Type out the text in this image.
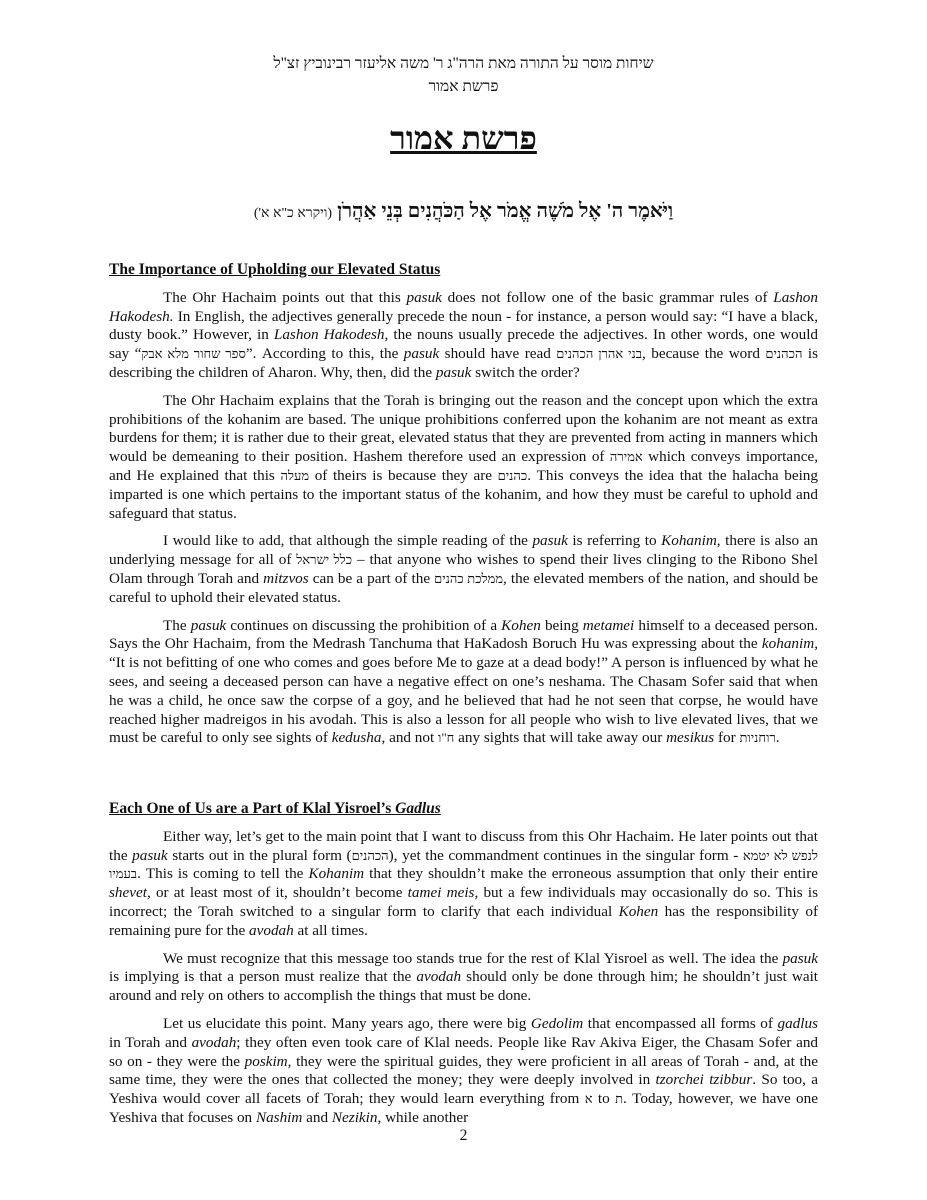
שיחות מוסר על התורה מאת הרה"ג ר' משה אליעזר רבינוביץ זצ"ל
פרשת אמור
פרשת אמור
וַיֹּאמֶר ה' אֶל מֹשֶׁה אֱמֹר אֶל הַכֹּהֲנִים בְּנֵי אַהֲרֹן (ויקרא כ"א א')
The Importance of Upholding our Elevated Status

The Ohr Hachaim points out that this pasuk does not follow one of the basic grammar rules of Lashon Hakodesh. In English, the adjectives generally precede the noun - for instance, a person would say: “I have a black, dusty book.” However, in Lashon Hakodesh, the nouns usually precede the adjectives. In other words, one would say “ספר שחור מלא אבק”. According to this, the pasuk should have read בני אהרן הכהנים, because the word הכהנים is describing the children of Aharon. Why, then, did the pasuk switch the order?

The Ohr Hachaim explains that the Torah is bringing out the reason and the concept upon which the extra prohibitions of the kohanim are based. The unique prohibitions conferred upon the kohanim are not meant as extra burdens for them; it is rather due to their great, elevated status that they are prevented from acting in manners which would be demeaning to their position. Hashem therefore used an expression of אמירה which conveys importance, and He explained that this מעלה of theirs is because they are כהנים. This conveys the idea that the halacha being imparted is one which pertains to the important status of the kohanim, and how they must be careful to uphold and safeguard that status.

I would like to add, that although the simple reading of the pasuk is referring to Kohanim, there is also an underlying message for all of כלל ישראל – that anyone who wishes to spend their lives clinging to the Ribono Shel Olam through Torah and mitzvos can be a part of the ממלכת כהנים, the elevated members of the nation, and should be careful to uphold their elevated status.

The pasuk continues on discussing the prohibition of a Kohen being metamei himself to a deceased person. Says the Ohr Hachaim, from the Medrash Tanchuma that HaKadosh Boruch Hu was expressing about the kohanim, “It is not befitting of one who comes and goes before Me to gaze at a dead body!” A person is influenced by what he sees, and seeing a deceased person can have a negative effect on one’s neshama. The Chasam Sofer said that when he was a child, he once saw the corpse of a goy, and he believed that had he not seen that corpse, he would have reached higher madreigos in his avodah. This is also a lesson for all people who wish to live elevated lives, that we must be careful to only see sights of kedusha, and not ח"ו any sights that will take away our mesikus for רוחניות.

Each One of Us are a Part of Klal Yisroel’s Gadlus

Either way, let’s get to the main point that I want to discuss from this Ohr Hachaim. He later points out that the pasuk starts out in the plural form (הכהנים), yet the commandment continues in the singular form - לנפש לא יטמא בעמיו. This is coming to tell the Kohanim that they shouldn’t make the erroneous assumption that only their entire shevet, or at least most of it, shouldn’t become tamei meis, but a few individuals may occasionally do so. This is incorrect; the Torah switched to a singular form to clarify that each individual Kohen has the responsibility of remaining pure for the avodah at all times.

We must recognize that this message too stands true for the rest of Klal Yisroel as well. The idea the pasuk is implying is that a person must realize that the avodah should only be done through him; he shouldn’t just wait around and rely on others to accomplish the things that must be done.

Let us elucidate this point. Many years ago, there were big Gedolim that encompassed all forms of gadlus in Torah and avodah; they often even took care of Klal needs. People like Rav Akiva Eiger, the Chasam Sofer and so on - they were the poskim, they were the spiritual guides, they were proficient in all areas of Torah - and, at the same time, they were the ones that collected the money; they were deeply involved in tzorchei tzibbur. So too, a Yeshiva would cover all facets of Torah; they would learn everything from א to ת. Today, however, we have one Yeshiva that focuses on Nashim and Nezikin, while another

2
